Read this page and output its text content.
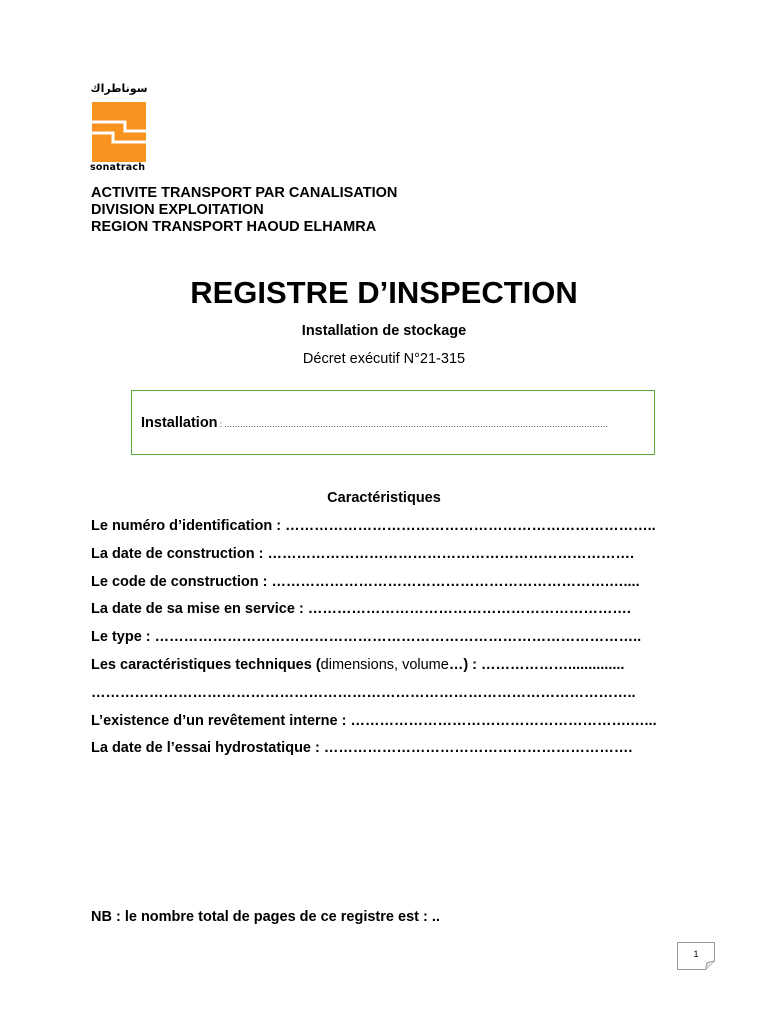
سوناطراك
sonatrach
ACTIVITE TRANSPORT PAR CANALISATION
DIVISION EXPLOITATION
REGION TRANSPORT HAOUD ELHAMRA
REGISTRE D’INSPECTION
Installation de stockage
Décret exécutif N°21-315
Installation : ………………………………………………………………………………………………………………………………
Caractéristiques
Le numéro d’identification : …………………………………………………………………..
La date de construction : ………………………………………………………………….
Le code de construction : …………………………………………………………….…....
La date de sa mise en service : ………………………………………………………….
Le type : ………………………………………………………………………………………..
Les caractéristiques techniques (dimensions, volume…) : ………………..............
…………………………………………………………………………………………………..
L’existence d’un revêtement interne : ………………………………………………….…...
La date de l’essai hydrostatique : ……………………………………………………….
NB : le nombre total de pages de ce registre est : ..
1
